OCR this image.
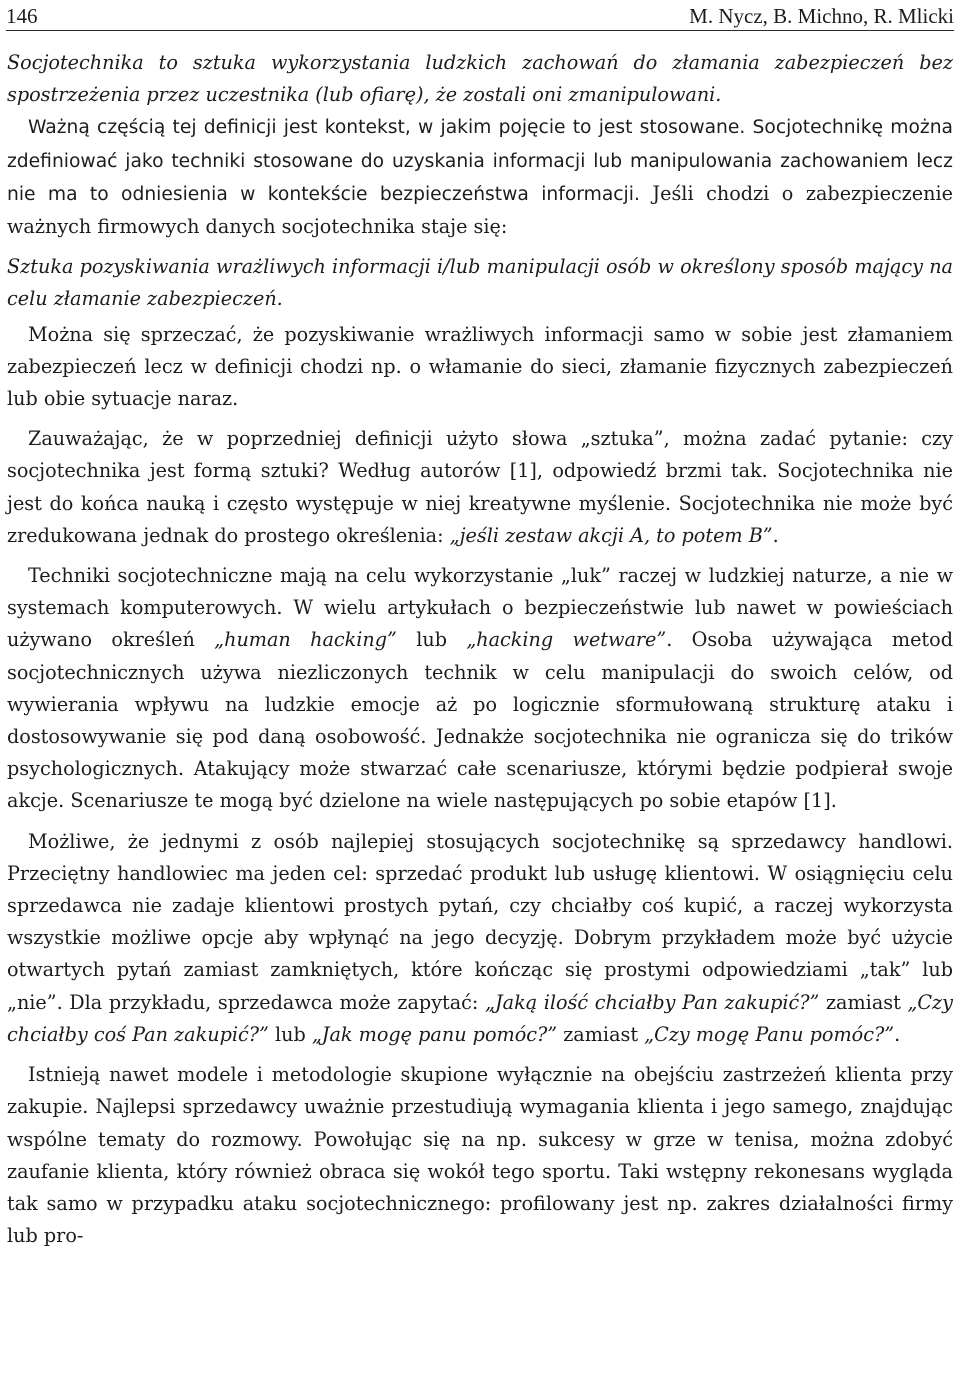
146	M. Nycz, B. Michno, R. Mlicki

Socjotechnika to sztuka wykorzystania ludzkich zachowań do złamania zabezpieczeń bez spostrzeżenia przez uczestnika (lub ofiarę), że zostali oni zmanipulowani.

Ważną częścią tej definicji jest kontekst, w jakim pojęcie to jest stosowane. Socjotechnikę można zdefiniować jako techniki stosowane do uzyskania informacji lub manipulowania zachowaniem lecz nie ma to odniesienia w kontekście bezpieczeństwa informacji. Jeśli chodzi o zabezpieczenie ważnych firmowych danych socjotechnika staje się:

Sztuka pozyskiwania wrażliwych informacji i/lub manipulacji osób w określony sposób mający na celu złamanie zabezpieczeń.

Można się sprzeczać, że pozyskiwanie wrażliwych informacji samo w sobie jest złamaniem zabezpieczeń lecz w definicji chodzi np. o włamanie do sieci, złamanie fizycznych zabezpieczeń lub obie sytuacje naraz.

Zauważając, że w poprzedniej definicji użyto słowa „sztuka”, można zadać pytanie: czy socjotechnika jest formą sztuki? Według autorów [1], odpowiedź brzmi tak. Socjotechnika nie jest do końca nauką i często występuje w niej kreatywne myślenie. Socjotechnika nie może być zredukowana jednak do prostego określenia: „jeśli zestaw akcji A, to potem B”.

Techniki socjotechniczne mają na celu wykorzystanie „luk” raczej w ludzkiej naturze, a nie w systemach komputerowych. W wielu artykułach o bezpieczeństwie lub nawet w powieściach używano określeń „human hacking” lub „hacking wetware”. Osoba używająca metod socjotechnicznych używa niezliczonych technik w celu manipulacji do swoich celów, od wywierania wpływu na ludzkie emocje aż po logicznie sformułowaną strukturę ataku i dostosowywanie się pod daną osobowość. Jednakże socjotechnika nie ogranicza się do trików psychologicznych. Atakujący może stwarzać całe scenariusze, którymi będzie podpierał swoje akcje. Scenariusze te mogą być dzielone na wiele następujących po sobie etapów [1].

Możliwe, że jednymi z osób najlepiej stosujących socjotechnikę są sprzedawcy handlowi. Przeciętny handlowiec ma jeden cel: sprzedać produkt lub usługę klientowi. W osiągnięciu celu sprzedawca nie zadaje klientowi prostych pytań, czy chciałby coś kupić, a raczej wykorzysta wszystkie możliwe opcje aby wpłynąć na jego decyzję. Dobrym przykładem może być użycie otwartych pytań zamiast zamkniętych, które kończąc się prostymi odpowiedziami „tak” lub „nie”. Dla przykładu, sprzedawca może zapytać: „Jaką ilość chciałby Pan zakupić?” zamiast „Czy chciałby coś Pan zakupić?” lub „Jak mogę panu pomóc?” zamiast „Czy mogę Panu pomóc?”.

Istnieją nawet modele i metodologie skupione wyłącznie na obejściu zastrzeżeń klienta przy zakupie. Najlepsi sprzedawcy uważnie przestudiują wymagania klienta i jego samego, znajdując wspólne tematy do rozmowy. Powołując się na np. sukcesy w grze w tenisa, można zdobyć zaufanie klienta, który również obraca się wokół tego sportu. Taki wstępny rekonesans wygląda tak samo w przypadku ataku socjotechnicznego: profilowany jest np. zakres działalności firmy lub pro-
